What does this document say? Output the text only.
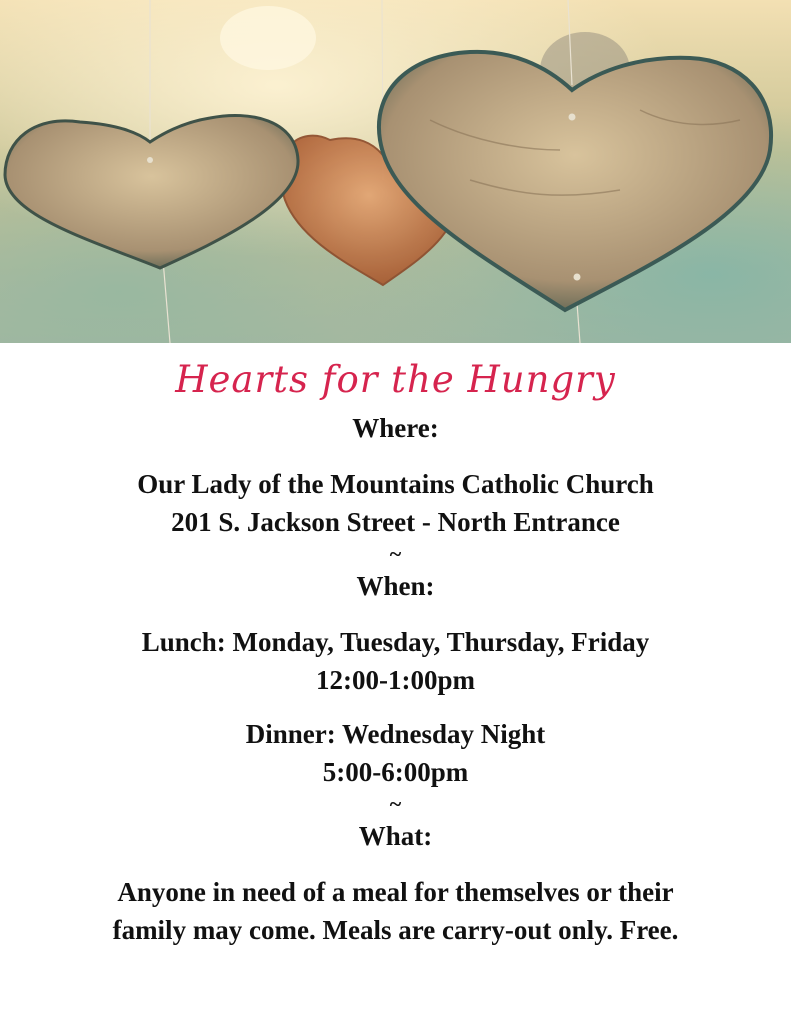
Hearts for the Hungry
Where:
Our Lady of the Mountains Catholic Church
201 S. Jackson Street - North Entrance
~
When:
Lunch: Monday, Tuesday, Thursday, Friday
12:00-1:00pm
Dinner: Wednesday Night
5:00-6:00pm
~
What:
Anyone in need of a meal for themselves or their
family may come. Meals are carry-out only. Free.
